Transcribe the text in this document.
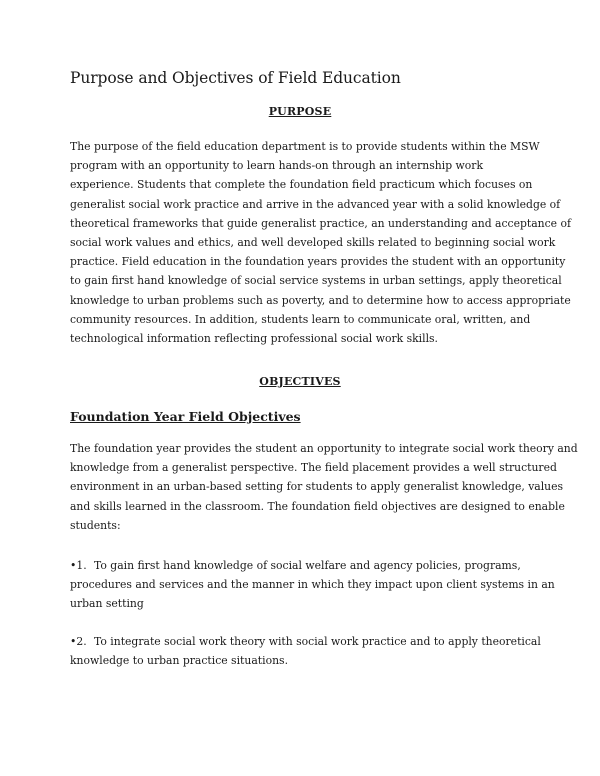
Purpose and Objectives of Field Education
PURPOSE
The purpose of the field education department is to provide students within the MSW
program with an opportunity to learn hands-on through an internship work
experience. Students that complete the foundation field practicum which focuses on
generalist social work practice and arrive in the advanced year with a solid knowledge of
theoretical frameworks that guide generalist practice, an understanding and acceptance of
social work values and ethics, and well developed skills related to beginning social work
practice. Field education in the foundation years provides the student with an opportunity
to gain first hand knowledge of social service systems in urban settings, apply theoretical
knowledge to urban problems such as poverty, and to determine how to access appropriate
community resources. In addition, students learn to communicate oral, written, and
technological information reflecting professional social work skills.
OBJECTIVES
Foundation Year Field Objectives
The foundation year provides the student an opportunity to integrate social work theory and
knowledge from a generalist perspective. The field placement provides a well structured
environment in an urban-based setting for students to apply generalist knowledge, values
and skills learned in the classroom. The foundation field objectives are designed to enable
students:
•1. To gain first hand knowledge of social welfare and agency policies, programs,
procedures and services and the manner in which they impact upon client systems in an
urban setting
•2. To integrate social work theory with social work practice and to apply theoretical
knowledge to urban practice situations.
